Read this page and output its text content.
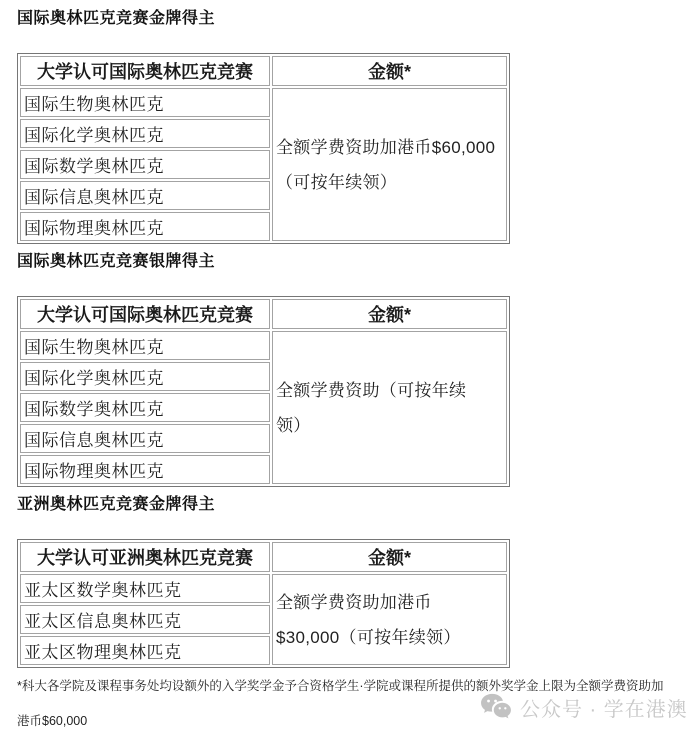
国际奥林匹克竞赛金牌得主
大学认可国际奥林匹克竞赛	金额*
国际生物奥林匹克	全额学费资助加港币$60,000
（可按年续领）

国际化学奥林匹克	
国际数学奥林匹克	
国际信息奥林匹克	
国际物理奥林匹克	
国际奥林匹克竞赛银牌得主
大学认可国际奥林匹克竞赛	金额*
国际生物奥林匹克	全额学费资助（可按年续
领）

国际化学奥林匹克	
国际数学奥林匹克	
国际信息奥林匹克	
国际物理奥林匹克	
亚洲奥林匹克竞赛金牌得主
大学认可亚洲奥林匹克竞赛	金额*
亚太区数学奥林匹克	全额学费资助加港币
$30,000（可按年续领）

亚太区信息奥林匹克	
亚太区物理奥林匹克	
*科大各学院及课程事务处均设额外的入学奖学金予合资格学生·学院或课程所提供的额外奖学金上限为全额学费资助加
港币$60,000
公众号 · 学在港澳
